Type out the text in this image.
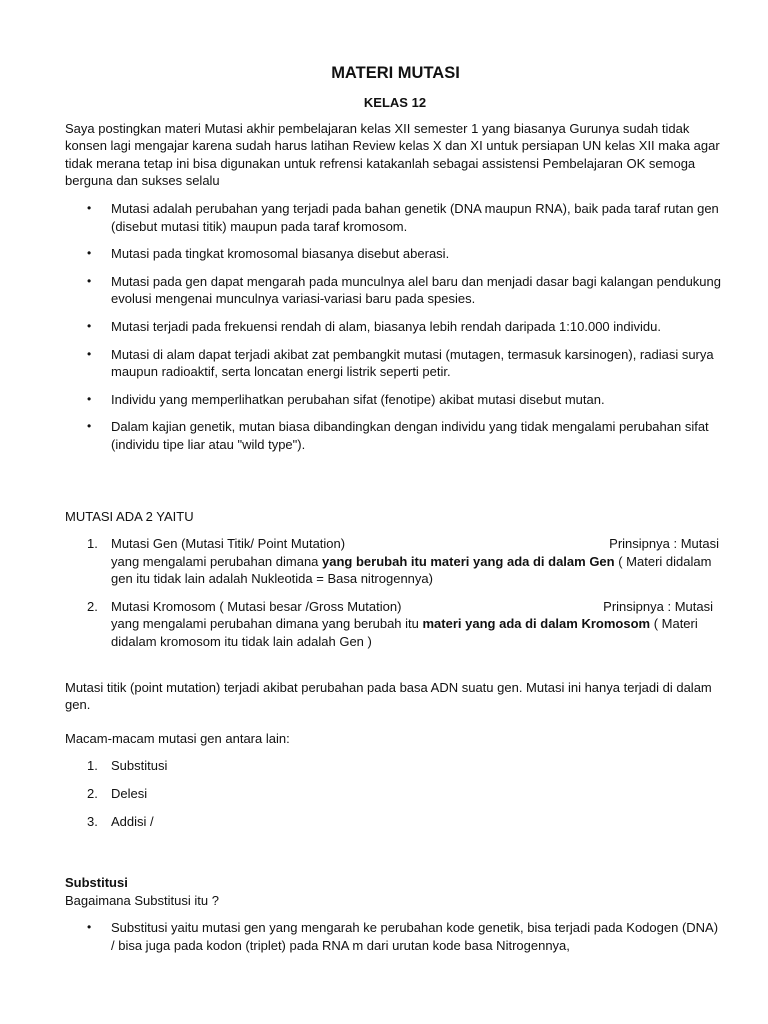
MATERI MUTASI
KELAS 12

Saya postingkan materi Mutasi akhir pembelajaran kelas XII semester 1 yang biasanya Gurunya sudah tidak konsen lagi mengajar karena sudah harus latihan Review kelas X dan XI untuk persiapan UN kelas XII maka agar tidak merana tetap ini bisa digunakan untuk refrensi katakanlah sebagai assistensi Pembelajaran OK semoga berguna dan sukses selalu

• Mutasi adalah perubahan yang terjadi pada bahan genetik (DNA maupun RNA), baik pada taraf rutan gen (disebut mutasi titik) maupun pada taraf kromosom.
• Mutasi pada tingkat kromosomal biasanya disebut aberasi.
• Mutasi pada gen dapat mengarah pada munculnya alel baru dan menjadi dasar bagi kalangan pendukung evolusi mengenai munculnya variasi-variasi baru pada spesies.
• Mutasi terjadi pada frekuensi rendah di alam, biasanya lebih rendah daripada 1:10.000 individu.
• Mutasi di alam dapat terjadi akibat zat pembangkit mutasi (mutagen, termasuk karsinogen), radiasi surya maupun radioaktif, serta loncatan energi listrik seperti petir.
• Individu yang memperlihatkan perubahan sifat (fenotipe) akibat mutasi disebut mutan.
• Dalam kajian genetik, mutan biasa dibandingkan dengan individu yang tidak mengalami perubahan sifat (individu tipe liar atau "wild type").

MUTASI ADA 2 YAITU

1. Mutasi Gen (Mutasi Titik/ Point Mutation)	Prinsipnya : Mutasi
yang mengalami perubahan dimana yang berubah itu materi yang ada di dalam Gen ( Materi didalam gen itu tidak lain adalah Nukleotida = Basa nitrogennya)
2. Mutasi Kromosom ( Mutasi besar /Gross Mutation)	Prinsipnya : Mutasi
yang mengalami perubahan dimana yang berubah itu materi yang ada di dalam Kromosom ( Materi didalam kromosom itu tidak lain adalah Gen )

Mutasi titik (point mutation) terjadi akibat perubahan pada basa ADN suatu gen. Mutasi ini hanya terjadi di dalam gen.

Macam-macam mutasi gen antara lain:

1. Substitusi
2. Delesi
3. Addisi /

Substitusi

Bagaimana Substitusi itu ?

• Substitusi yaitu mutasi gen yang mengarah ke perubahan kode genetik, bisa terjadi pada Kodogen (DNA) / bisa juga pada kodon (triplet) pada RNA m dari urutan kode basa Nitrogennya,
